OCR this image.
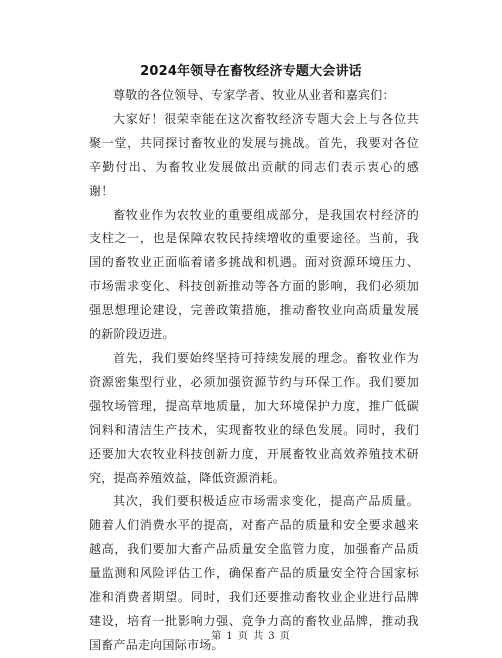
2024年领导在畜牧经济专题大会讲话

尊敬的各位领导、专家学者、牧业从业者和嘉宾们：

大家好！很荣幸能在这次畜牧经济专题大会上与各位共聚一堂，共同探讨畜牧业的发展与挑战。首先，我要对各位辛勤付出、为畜牧业发展做出贡献的同志们表示衷心的感谢！

畜牧业作为农牧业的重要组成部分，是我国农村经济的支柱之一，也是保障农牧民持续增收的重要途径。当前，我国的畜牧业正面临着诸多挑战和机遇。面对资源环境压力、市场需求变化、科技创新推动等各方面的影响，我们必须加强思想理论建设，完善政策措施，推动畜牧业向高质量发展的新阶段迈进。

首先，我们要始终坚持可持续发展的理念。畜牧业作为资源密集型行业，必须加强资源节约与环保工作。我们要加强牧场管理，提高草地质量，加大环境保护力度，推广低碳饲料和清洁生产技术，实现畜牧业的绿色发展。同时，我们还要加大农牧业科技创新力度，开展畜牧业高效养殖技术研究，提高养殖效益，降低资源消耗。

其次，我们要积极适应市场需求变化，提高产品质量。随着人们消费水平的提高，对畜产品的质量和安全要求越来越高，我们要加大畜产品质量安全监管力度，加强畜产品质量监测和风险评估工作，确保畜产品的质量安全符合国家标准和消费者期望。同时，我们还要推动畜牧业企业进行品牌建设，培育一批影响力强、竞争力高的畜牧业品牌，推动我国畜产品走向国际市场。

第 1 页 共 3 页
